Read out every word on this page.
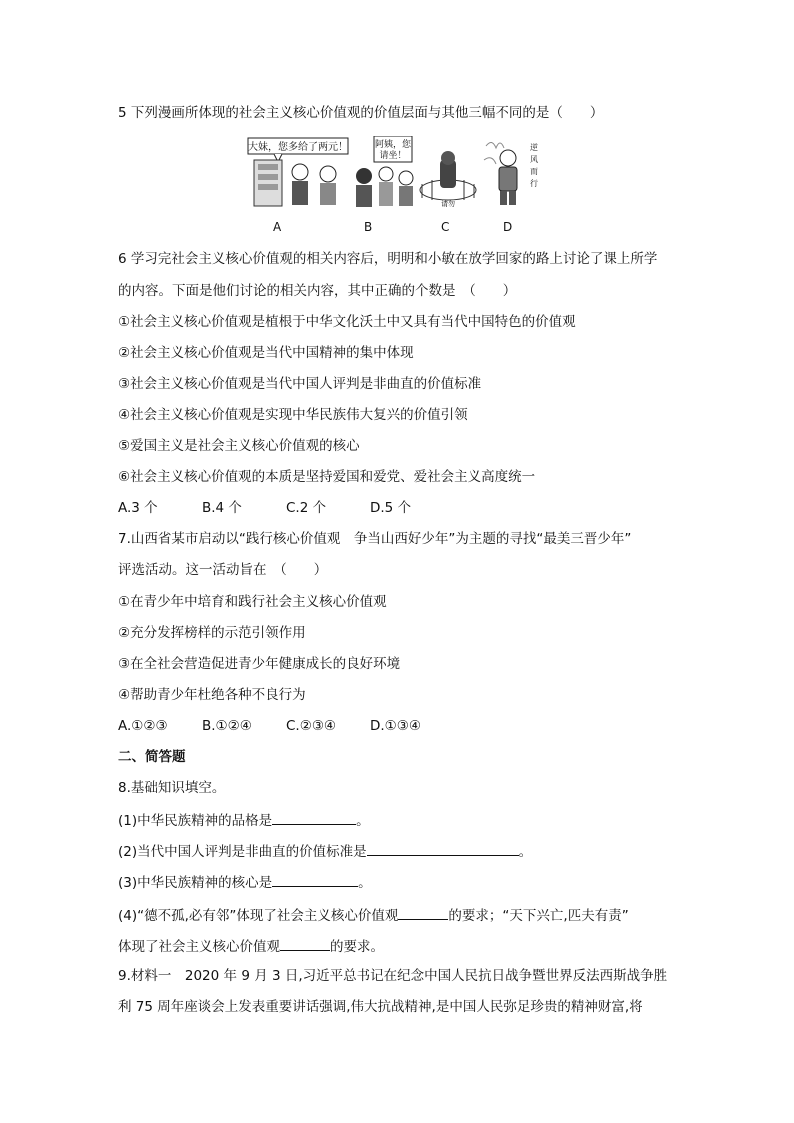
5 下列漫画所体现的社会主义核心价值观的价值层面与其他三幅不同的是（　　）
大妹，您多给了两元！	阿姨，您
请坐！
请勿
逆
风
而
行
A	B	C	D
6 学习完社会主义核心价值观的相关内容后，明明和小敏在放学回家的路上讨论了课上所学
的内容。下面是他们讨论的相关内容，其中正确的个数是　（　　）
①社会主义核心价值观是植根于中华文化沃土中又具有当代中国特色的价值观
②社会主义核心价值观是当代中国精神的集中体现
③社会主义核心价值观是当代中国人评判是非曲直的价值标准
④社会主义核心价值观是实现中华民族伟大复兴的价值引领
⑤爱国主义是社会主义核心价值观的核心
⑥社会主义核心价值观的本质是坚持爱国和爱党、爱社会主义高度统一
A.3 个	B.4 个	C.2 个	D.5 个
7.山西省某市启动以“践行核心价值观　争当山西好少年”为主题的寻找“最美三晋少年”
评选活动。这一活动旨在　（　　）
①在青少年中培育和践行社会主义核心价值观
②充分发挥榜样的示范引领作用
③在全社会营造促进青少年健康成长的良好环境
④帮助青少年杜绝各种不良行为
A.①②③	B.①②④	C.②③④	D.①③④
二、简答题
8.基础知识填空。
(1)中华民族精神的品格是	。
(2)当代中国人评判是非曲直的价值标准是	。
(3)中华民族精神的核心是	。
(4)“德不孤,必有邻”体现了社会主义核心价值观	的要求；“天下兴亡,匹夫有责”
体现了社会主义核心价值观	的要求。
9.材料一　2020 年 9 月 3 日,习近平总书记在纪念中国人民抗日战争暨世界反法西斯战争胜
利 75 周年座谈会上发表重要讲话强调,伟大抗战精神,是中国人民弥足珍贵的精神财富,将
